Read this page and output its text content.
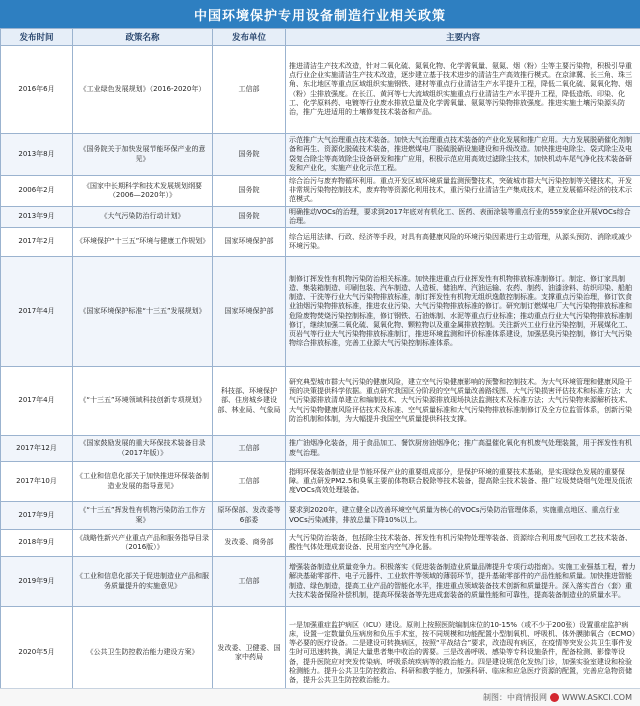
中国环境保护专用设备制造行业相关政策
发布时间	政策名称	发布单位	主要内容
2016年6月	《工业绿色发展规划》（2016-2020年）	工信部	推进清洁生产技术改造，针对二氧化硫、氮氧化物、化学需氧量、氨氮、烟（粉）尘等主要污染物，积极引导重点行业企业实施清洁生产技术改造，逐步建立基于技术进步的清洁生产高效推行模式。在京津冀、长三角、珠三角、东北地区等重点区域组织实施钢铁、建材等重点行业清洁生产水平提升工程，降低二氧化硫、氮氧化物、烟（粉）尘排放强度。在长江、黄河等七大流域组织实施重点行业清洁生产水平提升工程，降低造纸、印染、化工、化学原料药、电镀等行业废水排放总量及化学需氧量、氨氮等污染物排放强度。推进实施土壤污染源头防治，推广先进适用的土壤修复技术装备和产品。
2013年8月	《国务院关于加快发展节能环保产业的意见》	国务院	示范推广大气治理重点技术装备。加快大气治理重点技术装备的产业化发展和推广应用。大力发展脱硝催化剂制备和再生、资源化脱硫技术装备，推进燃煤电厂脱硫脱硝设施建设和升级改造。加快推进电除尘、袋式除尘及电袋复合除尘等高效除尘设备研发和推广应用，积极示范应用高效过滤除尘技术，加快机动车尾气净化技术装备研发和产业化，实施产业化示范工程。
2006年2月	《国家中长期科学和技术发展规划纲要（2006—2020年）》	国务院	综合治污与废弃物循环利用。重点开发区域环境质量监测预警技术，突破城市群大气污染控制等关键技术，开发非常规污染物控制技术，废弃物等资源化利用技术，重污染行业清洁生产集成技术，建立发展循环经济的技术示范模式。
2013年9月	《大气污染防治行动计划》	国务院	明确推动VOCs的治理，要求到2017年底对有机化工、医药、表面涂装等重点行业的559家企业开展VOCs综合治理。
2017年2月	《环境保护“十三五”环境与健康工作规划》	国家环境保护部	综合运用法律、行政、经济等手段，对具有高健康风险的环境污染因素进行主动管理，从源头预防、消除或减少环境污染。
2017年4月	《国家环境保护标准“十三五”发展规划》	国家环境保护部	制修订挥发性有机物污染防治相关标准。加快推进重点行业挥发性有机物排放标准制修订。制定、修订家具制造、集装箱制造、印刷包装、汽车制造、人造板、储油库、汽油运输、农药、制药、油漆涂料、纺织印染、船舶制造、干洗等行业大气污染物排放标准，制订挥发性有机物无组织逸散控制标准。支撑重点污染治理，修订饮食业油烟污染物排放标准，推进农业污染、大气污染物排放标准的修订。研究制订燃煤电厂大气污染物排放标准和危险废物焚烧污染控制标准，修订钢铁、石油炼制、水泥等重点行业标准；推动重点行业大气污染物排放标准制修订，继续加强二氧化硫、氮氧化物、颗粒物以及重金属排放控制。关注新兴工业行业污染控制，开展煤化工、页岩气等行业大气污染物排放标准制订，推进环境监测和评价标准体系建设，加强恶臭污染控制，修订大气污染物综合排放标准，完善工业源大气污染控制标准体系。
2017年4月	《“十三五”环境领域科技创新专项规划》	科技部、环境保护部、住房城乡建设部、林业局、气象局	研究典型城市群大气污染的健康风险，建立空气污染健康影响的预警和控制技术。为大气环境管理和健康风险干预的决策提供科学依据。重点研究我国区分阶段的空气质量改善路线图、大气污染损害评估技术和标准方法；大气污染源排放清单建立和编制技术、大气污染源排放现场执法监测技术及标准方法；大气污染物来源解析技术、大气污染物健康风险评估技术及标准、空气质量标准和大气污染物排放标准制修订及全方位监管体系，创新污染防治机制和体制，为大幅提升我国空气质量提供科技支撑。
2017年12月	《国家鼓励发展的重大环保技术装备目录（2017年版）》	工信部	推广油烟净化装备，用于食品加工、餐饮厨房油烟净化；推广高温催化氧化有机废气处理装置，用于挥发性有机废气治理。
2017年10月	《工业和信息化部关于加快推进环保装备制造业发展的指导意见》	工信部	指明环保装备制造业是节能环保产业的重要组成部分，是保护环境的重要技术基础，是实现绿色发展的重要保障。重点研发PM2.5和臭氧主要前体物联合脱除等技术装备，提高除尘技术装备、推广垃圾焚烧烟气处理及低浓度VOCs高效处理装备。
2017年9月	《“十三五”挥发性有机物污染防治工作方案》	原环保部、发改委等6部委	要求到2020年，建立健全以改善环境空气质量为核心的VOCs污染防治管理体系，实施重点地区、重点行业VOCs污染减排，排放总量下降10%以上。
2018年9月	《战略性新兴产业重点产品和服务指导目录（2016版）》	发改委、商务部	大气污染防治装备，包括除尘技术装备、挥发性有机污染物处理等装备、资源综合利用废气回收工艺技术装备、酸性气体处理成套设备、民用室内空气净化器。
2019年9月	《工业和信息化部关于促进制造业产品和服务质量提升的实施意见》	工信部	增强装备制造业质量竞争力。积极落实《促进装备制造业质量品牌提升专项行动指南》。实施工业强基工程，着力解决基础零部件、电子元器件、工业软件等领域的薄弱环节，提升基础零部件的产品性能和质量。加快推进智能制造、绿色制造，提高工业产品的智能化水平，推进重点领域装备技术创新和质量提升。深入落实首台（套）重大技术装备保险补偿机制，提高环保装备等先进成套装备的质量性能和可靠性，提高装备制造业的质量水平。
2020年5月	《公共卫生防控救治能力建设方案》	发改委、卫健委、国家中药局	一是加强重症监护病区（ICU）建设。原则上按照医院编制床位的10-15%（或不少于200张）设置重症监护病床，设置一定数量负压病房和负压手术室，按不同规模和功能配置小型制氧机、呼吸机、体外膜肺氧合（ECMO）等必要的医疗设备。二是建设可转换病区，按照“平战结合”要求，改造现有病区，在疫情等突发公共卫生事件发生时可迅速转换，满足大量患者集中收治的需要。三是改善呼吸、感染等专科设施条件，配备检测、影像等设备，提升医院应对突发传染病、呼吸系统疾病等的救治能力。四是建设规范化发热门诊，加强实验室建设和检验检测能力。提升公共卫生防控救治、科研和教学能力，加强科研、临床和应急医疗资源的配置，完善应急物资储备，提升公共卫生防控救治能力。
制图：中商情报网 WWW.ASKCI.COM
